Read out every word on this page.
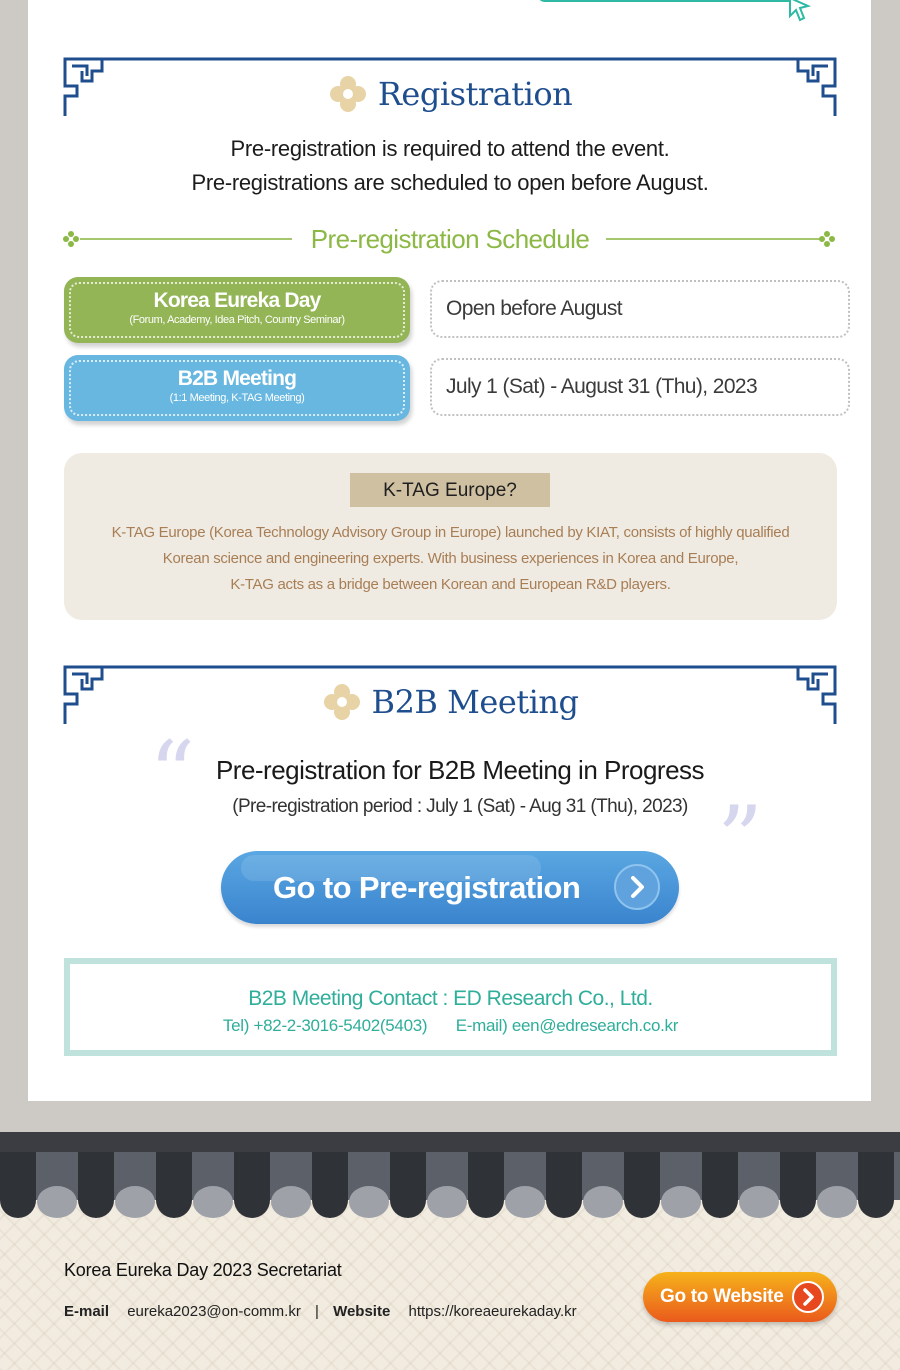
Registration
Pre-registration is required to attend the event.
Pre-registrations are scheduled to open before August.
Pre-registration Schedule
Korea Eureka Day
(Forum, Academy, Idea Pitch, Country Seminar)	Open before August
B2B Meeting
(1:1 Meeting, K-TAG Meeting)	July 1 (Sat) - August 31 (Thu), 2023
K-TAG Europe?
K-TAG Europe (Korea Technology Advisory Group in Europe) launched by KIAT, consists of highly qualified
Korean science and engineering experts. With business experiences in Korea and Europe,
K-TAG acts as a bridge between Korean and European R&D players.
B2B Meeting
“
”
Pre-registration for B2B Meeting in Progress
(Pre-registration period : July 1 (Sat) - Aug 31 (Thu), 2023)
Go to Pre-registration
B2B Meeting Contact : ED Research Co., Ltd.
Tel) +82-2-3016-5402(5403) E-mail) een@edresearch.co.kr
Korea Eureka Day 2023 Secretariat
E-mail eureka2023@on-comm.kr | Website https://koreaeurekaday.kr
Go to Website
